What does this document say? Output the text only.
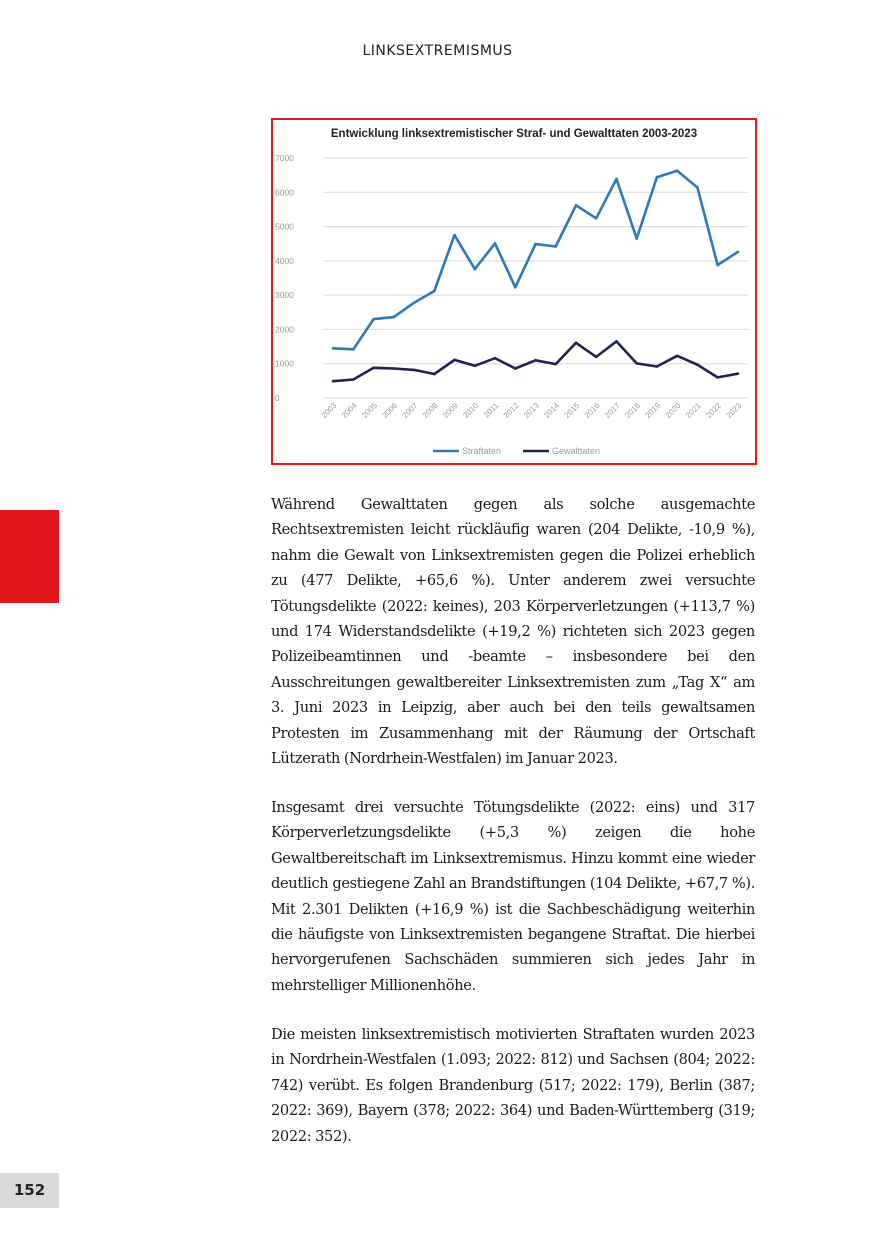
LINKSEXTREMISMUS
Entwicklung linksextremistischer Straf- und Gewalttaten 2003-2023
0
1000
2000
3000
4000
5000
6000
7000
2003 2004 2005 2006 2007 2008 2009 2010 2011 2012 2013 2014 2015 2016 2017 2018 2019 2020 2021 2022 2023
Straftaten	Gewalttaten

Während Gewalttaten gegen als solche ausgemachte Rechtsextremisten leicht rückläufig waren (204 Delikte, -10,9 %), nahm die Gewalt von Linksextremisten gegen die Polizei erheblich zu (477 Delikte, +65,6 %). Unter anderem zwei versuchte Tötungsdelikte (2022: keines), 203 Körperverletzungen (+113,7 %) und 174 Widerstandsdelikte (+19,2 %) richteten sich 2023 gegen Polizeibeamtinnen und -beamte – insbesondere bei den Ausschreitungen gewaltbereiter Linksextremisten zum „Tag X“ am 3. Juni 2023 in Leipzig, aber auch bei den teils gewaltsamen Protesten im Zusammenhang mit der Räumung der Ortschaft Lützerath (Nordrhein-Westfalen) im Januar 2023.

Insgesamt drei versuchte Tötungsdelikte (2022: eins) und 317 Körperverletzungsdelikte (+5,3 %) zeigen die hohe Gewaltbereitschaft im Linksextremismus. Hinzu kommt eine wieder deutlich gestiegene Zahl an Brandstiftungen (104 Delikte, +67,7 %). Mit 2.301 Delikten (+16,9 %) ist die Sachbeschädigung weiterhin die häufigste von Linksextremisten begangene Straftat. Die hierbei hervorgerufenen Sachschäden summieren sich jedes Jahr in mehrstelliger Millionenhöhe.

Die meisten linksextremistisch motivierten Straftaten wurden 2023 in Nordrhein-Westfalen (1.093; 2022: 812) und Sachsen (804; 2022: 742) verübt. Es folgen Brandenburg (517; 2022: 179), Berlin (387; 2022: 369), Bayern (378; 2022: 364) und Baden-Württemberg (319; 2022: 352).

152
